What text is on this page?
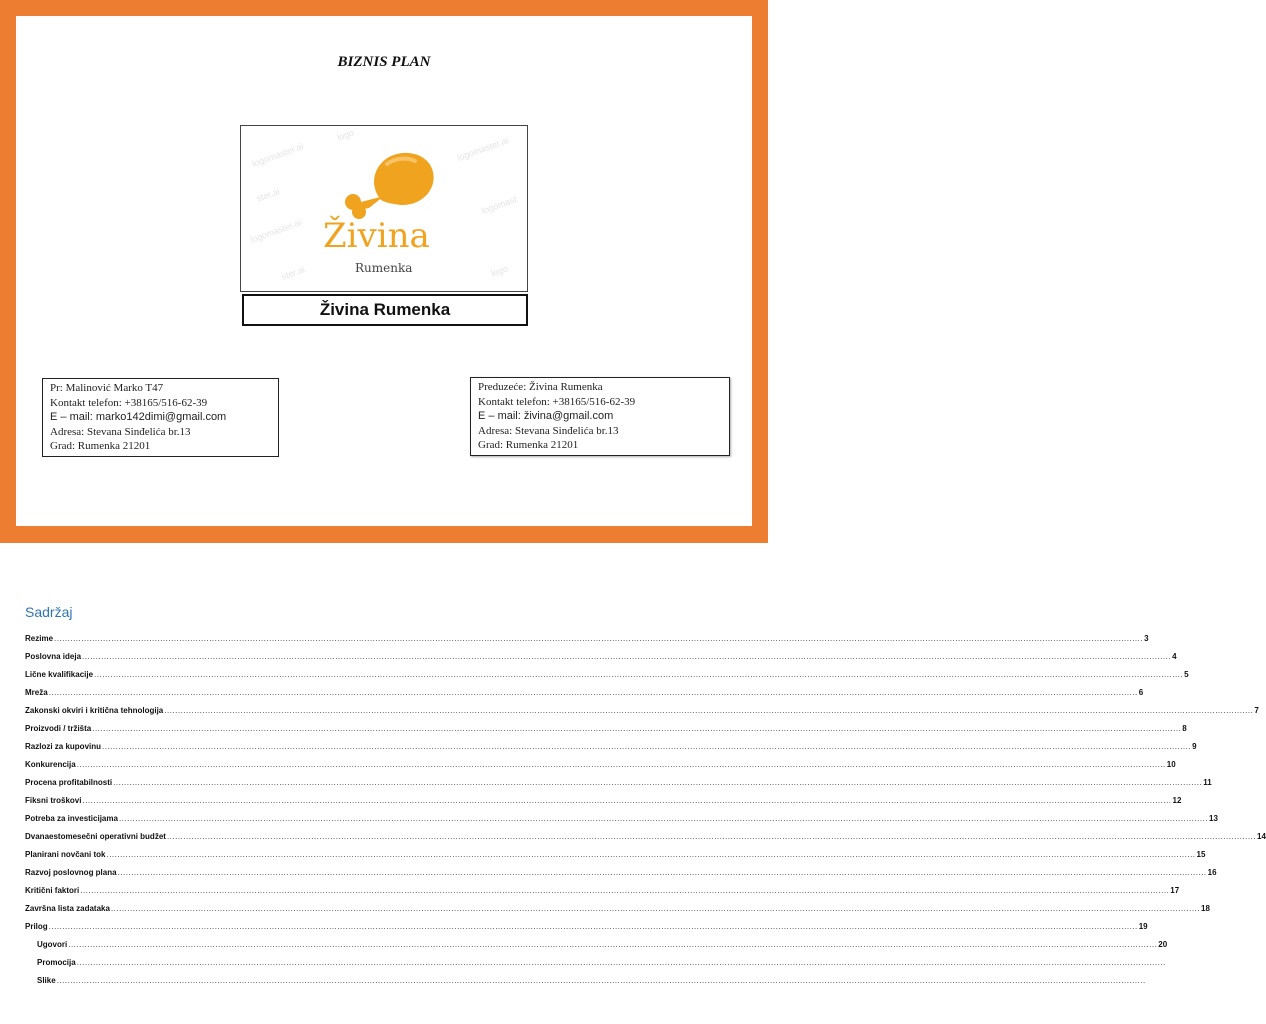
BIZNIS PLAN
logomaster.ai
logo
ster.ai
logomaster.ai
logomast
logomaster.ai
ster.ai	logo
Živina
Rumenka
Živina Rumenka
Pr: Malinović Marko T47
Kontakt telefon: +38165/516-62-39
E – mail: marko142dimi@gmail.com
Adresa: Stevana Sinđelića br.13
Grad: Rumenka 21201
Preduzeće: Živina Rumenka
Kontakt telefon: +38165/516-62-39
E – mail: živina@gmail.com
Adresa: Stevana Sinđelića br.13
Grad: Rumenka 21201
Sadržaj
Rezime ................................................................................................................................................................................................................................................................................................................................................................................................................ 3
Poslovna ideja ................................................................................................................................................................................................................................................................................................................................................................................................................ 4
Lične kvalifikacije ................................................................................................................................................................................................................................................................................................................................................................................................................ 5
Mreža ................................................................................................................................................................................................................................................................................................................................................................................................................ 6
Zakonski okviri i kritična tehnologija ................................................................................................................................................................................................................................................................................................................................................................................................................ 7
Proizvodi / tržišta ................................................................................................................................................................................................................................................................................................................................................................................................................ 8
Razlozi za kupovinu ................................................................................................................................................................................................................................................................................................................................................................................................................ 9
Konkurencija ................................................................................................................................................................................................................................................................................................................................................................................................................ 10
Procena profitabilnosti ................................................................................................................................................................................................................................................................................................................................................................................................................ 11
Fiksni troškovi ................................................................................................................................................................................................................................................................................................................................................................................................................ 12
Potreba za investicijama ................................................................................................................................................................................................................................................................................................................................................................................................................ 13
Dvanaestomesečni operativni budžet ................................................................................................................................................................................................................................................................................................................................................................................................................ 14
Planirani novčani tok ................................................................................................................................................................................................................................................................................................................................................................................................................ 15
Razvoj poslovnog plana ................................................................................................................................................................................................................................................................................................................................................................................................................ 16
Kritični faktori ................................................................................................................................................................................................................................................................................................................................................................................................................ 17
Završna lista zadataka ................................................................................................................................................................................................................................................................................................................................................................................................................ 18
Prilog ................................................................................................................................................................................................................................................................................................................................................................................................................ 19
Ugovori ................................................................................................................................................................................................................................................................................................................................................................................................................ 20
Promocija ................................................................................................................................................................................................................................................................................................................................................................................................................
Slike ................................................................................................................................................................................................................................................................................................................................................................................................................
